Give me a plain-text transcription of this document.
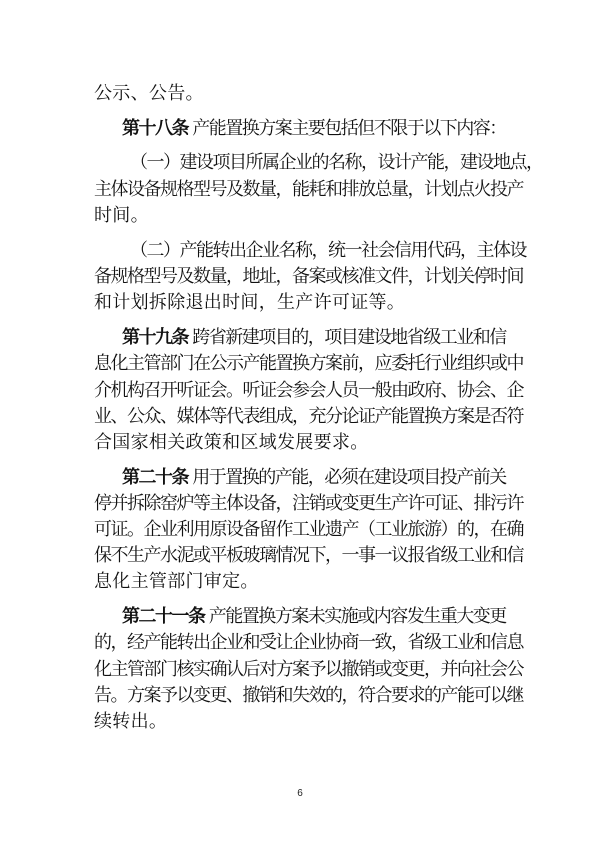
公示、公告。
第十八条 产能置换方案主要包括但不限于以下内容：
（一）建设项目所属企业的名称，设计产能，建设地点，
主体设备规格型号及数量，能耗和排放总量，计划点火投产
时间。
（二）产能转出企业名称，统一社会信用代码，主体设
备规格型号及数量，地址，备案或核准文件，计划关停时间
和计划拆除退出时间，生产许可证等。
第十九条 跨省新建项目的，项目建设地省级工业和信
息化主管部门在公示产能置换方案前，应委托行业组织或中
介机构召开听证会。听证会参会人员一般由政府、协会、企
业、公众、媒体等代表组成，充分论证产能置换方案是否符
合国家相关政策和区域发展要求。
第二十条 用于置换的产能，必须在建设项目投产前关
停并拆除窑炉等主体设备，注销或变更生产许可证、排污许
可证。企业利用原设备留作工业遗产（工业旅游）的，在确
保不生产水泥或平板玻璃情况下，一事一议报省级工业和信
息化主管部门审定。
第二十一条 产能置换方案未实施或内容发生重大变更
的，经产能转出企业和受让企业协商一致，省级工业和信息
化主管部门核实确认后对方案予以撤销或变更，并向社会公
告。方案予以变更、撤销和失效的，符合要求的产能可以继
续转出。
6
